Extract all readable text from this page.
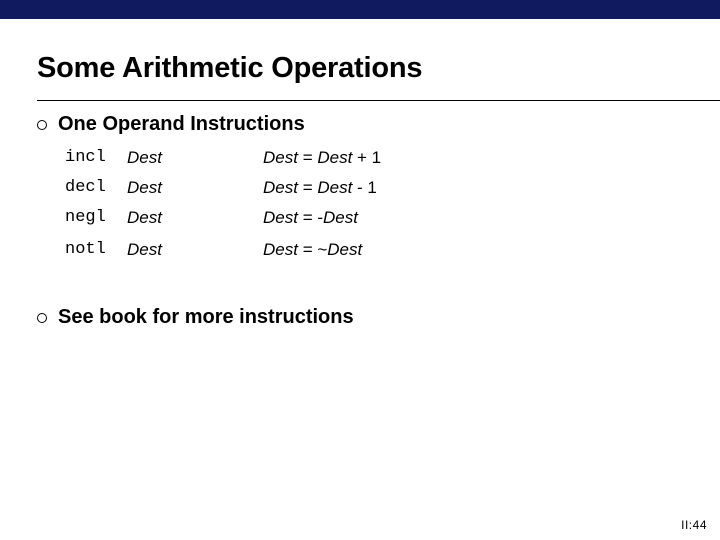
Some Arithmetic Operations
One Operand Instructions
incl Dest	Dest = Dest + 1
decl Dest	Dest = Dest - 1
negl Dest	Dest = -Dest
notl Dest	Dest = ~Dest
See book for more instructions
II:44
